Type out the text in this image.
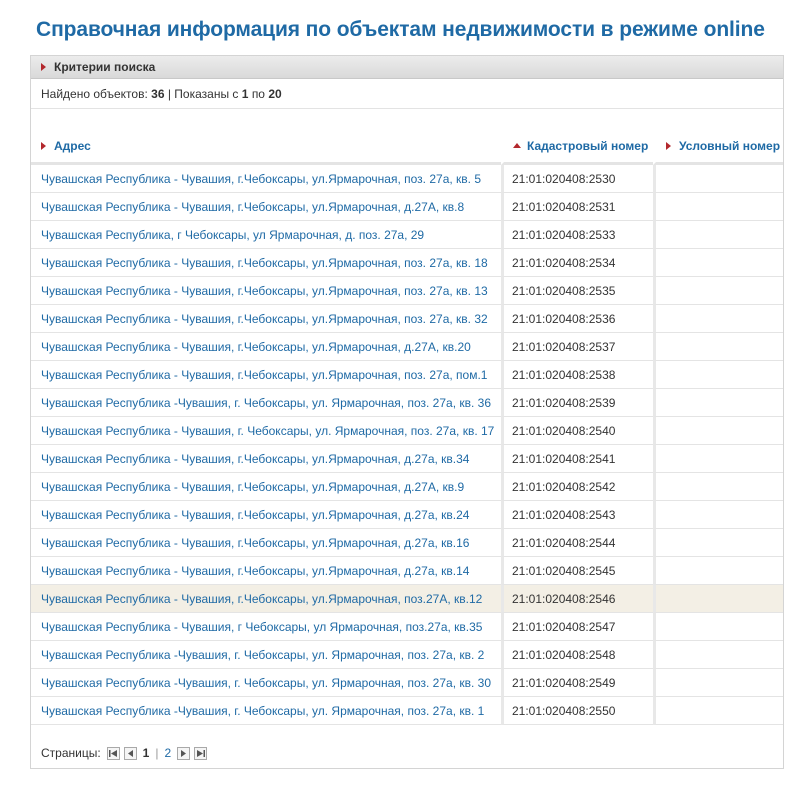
Справочная информация по объектам недвижимости в режиме online
Критерии поиска
Найдено объектов:
36
| Показаны с
1
по
20
Адрес	Кадастровый номер	Условный номер
Чувашская Республика - Чувашия, г.Чебоксары, ул.Ярмарочная, поз. 27а, кв. 5	21:01:020408:2530	
Чувашская Республика - Чувашия, г.Чебоксары, ул.Ярмарочная, д.27А, кв.8	21:01:020408:2531	
Чувашская Республика, г Чебоксары, ул Ярмарочная, д. поз. 27а, 29	21:01:020408:2533	
Чувашская Республика - Чувашия, г.Чебоксары, ул.Ярмарочная, поз. 27а, кв. 18	21:01:020408:2534	
Чувашская Республика - Чувашия, г.Чебоксары, ул.Ярмарочная, поз. 27а, кв. 13	21:01:020408:2535	
Чувашская Республика - Чувашия, г.Чебоксары, ул.Ярмарочная, поз. 27а, кв. 32	21:01:020408:2536	
Чувашская Республика - Чувашия, г.Чебоксары, ул.Ярмарочная, д.27А, кв.20	21:01:020408:2537	
Чувашская Республика - Чувашия, г.Чебоксары, ул.Ярмарочная, поз. 27а, пом.1	21:01:020408:2538	
Чувашская Республика -Чувашия, г. Чебоксары, ул. Ярмарочная, поз. 27а, кв. 36	21:01:020408:2539	
Чувашская Республика - Чувашия, г. Чебоксары, ул. Ярмарочная, поз. 27а, кв. 17	21:01:020408:2540	
Чувашская Республика - Чувашия, г.Чебоксары, ул.Ярмарочная, д.27а, кв.34	21:01:020408:2541	
Чувашская Республика - Чувашия, г.Чебоксары, ул.Ярмарочная, д.27А, кв.9	21:01:020408:2542	
Чувашская Республика - Чувашия, г.Чебоксары, ул.Ярмарочная, д.27а, кв.24	21:01:020408:2543	
Чувашская Республика - Чувашия, г.Чебоксары, ул.Ярмарочная, д.27а, кв.16	21:01:020408:2544	
Чувашская Республика - Чувашия, г.Чебоксары, ул.Ярмарочная, д.27а, кв.14	21:01:020408:2545	
Чувашская Республика - Чувашия, г.Чебоксары, ул.Ярмарочная, поз.27А, кв.12	21:01:020408:2546	
Чувашская Республика - Чувашия, г Чебоксары, ул Ярмарочная, поз.27а, кв.35	21:01:020408:2547	
Чувашская Республика -Чувашия, г. Чебоксары, ул. Ярмарочная, поз. 27а, кв. 2	21:01:020408:2548	
Чувашская Республика -Чувашия, г. Чебоксары, ул. Ярмарочная, поз. 27а, кв. 30	21:01:020408:2549	
Чувашская Республика -Чувашия, г. Чебоксары, ул. Ярмарочная, поз. 27а, кв. 1	21:01:020408:2550	
Страницы:	1 | 2
